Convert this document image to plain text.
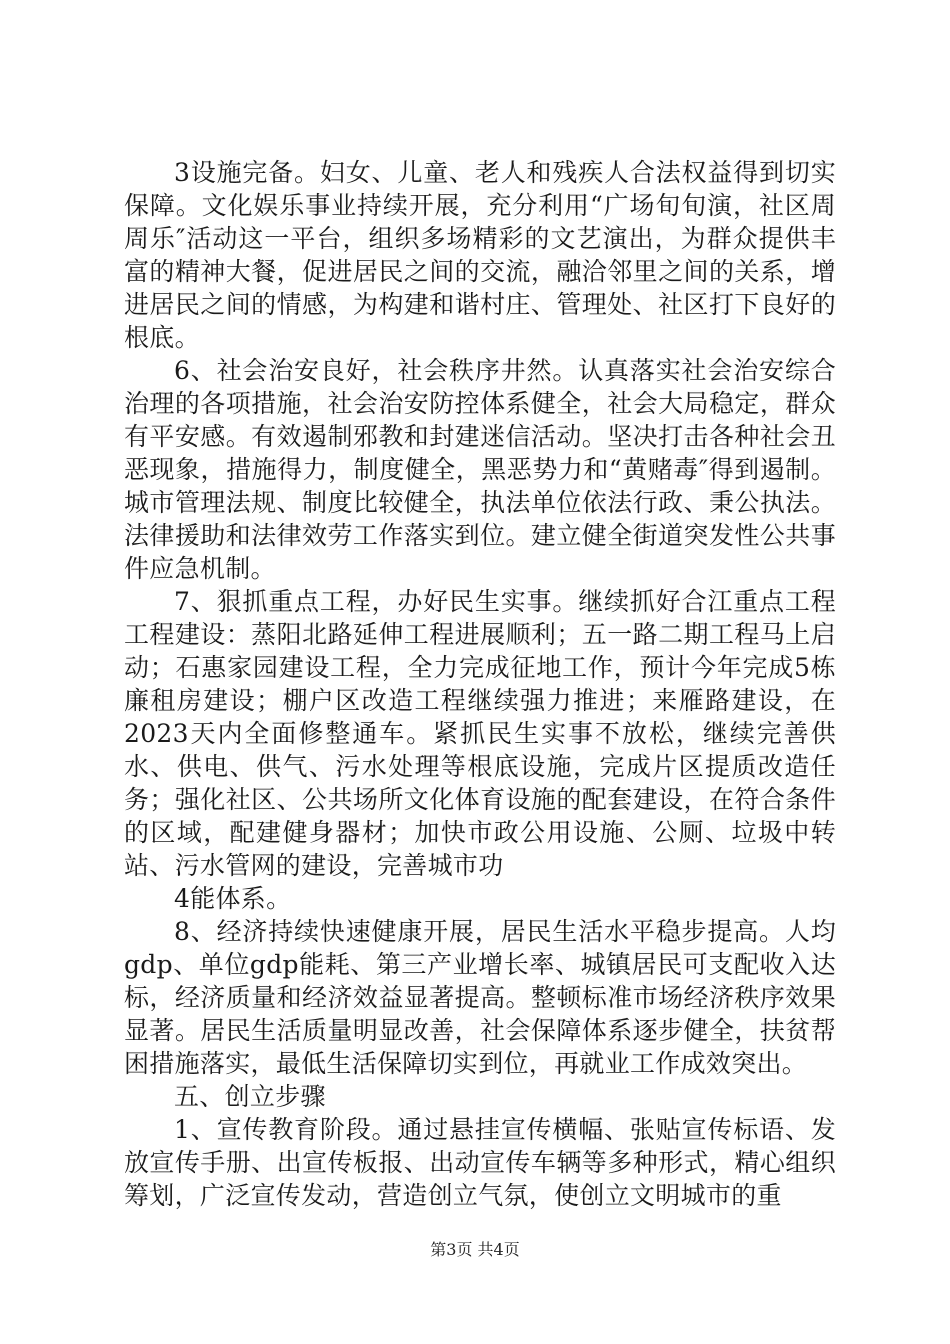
3设施完备。妇女、儿童、老人和残疾人合法权益得到切实保障。文化娱乐事业持续开展，充分利用“广场旬旬演，社区周周乐″活动这一平台，组织多场精彩的文艺演出，为群众提供丰富的精神大餐，促进居民之间的交流，融洽邻里之间的关系，增进居民之间的情感，为构建和谐村庄、管理处、社区打下良好的根底。

6、社会治安良好，社会秩序井然。认真落实社会治安综合治理的各项措施，社会治安防控体系健全，社会大局稳定，群众有平安感。有效遏制邪教和封建迷信活动。坚决打击各种社会丑恶现象，措施得力，制度健全，黑恶势力和“黄赌毒″得到遏制。城市管理法规、制度比较健全，执法单位依法行政、秉公执法。法律援助和法律效劳工作落实到位。建立健全街道突发性公共事件应急机制。

7、狠抓重点工程，办好民生实事。继续抓好合江重点工程工程建设：蒸阳北路延伸工程进展顺利；五一路二期工程马上启动；石惠家园建设工程，全力完成征地工作，预计今年完成5栋廉租房建设；棚户区改造工程继续强力推进；来雁路建设，在2023天内全面修整通车。紧抓民生实事不放松，继续完善供水、供电、供气、污水处理等根底设施，完成片区提质改造任务；强化社区、公共场所文化体育设施的配套建设，在符合条件的区域，配建健身器材；加快市政公用设施、公厕、垃圾中转站、污水管网的建设，完善城市功

4能体系。

8、经济持续快速健康开展，居民生活水平稳步提高。人均gdp、单位gdp能耗、第三产业增长率、城镇居民可支配收入达标，经济质量和经济效益显著提高。整顿标准市场经济秩序效果显著。居民生活质量明显改善，社会保障体系逐步健全，扶贫帮困措施落实，最低生活保障切实到位，再就业工作成效突出。

五、创立步骤

1、宣传教育阶段。通过悬挂宣传横幅、张贴宣传标语、发放宣传手册、出宣传板报、出动宣传车辆等多种形式，精心组织筹划，广泛宣传发动，营造创立气氛，使创立文明城市的重

第3页 共4页
